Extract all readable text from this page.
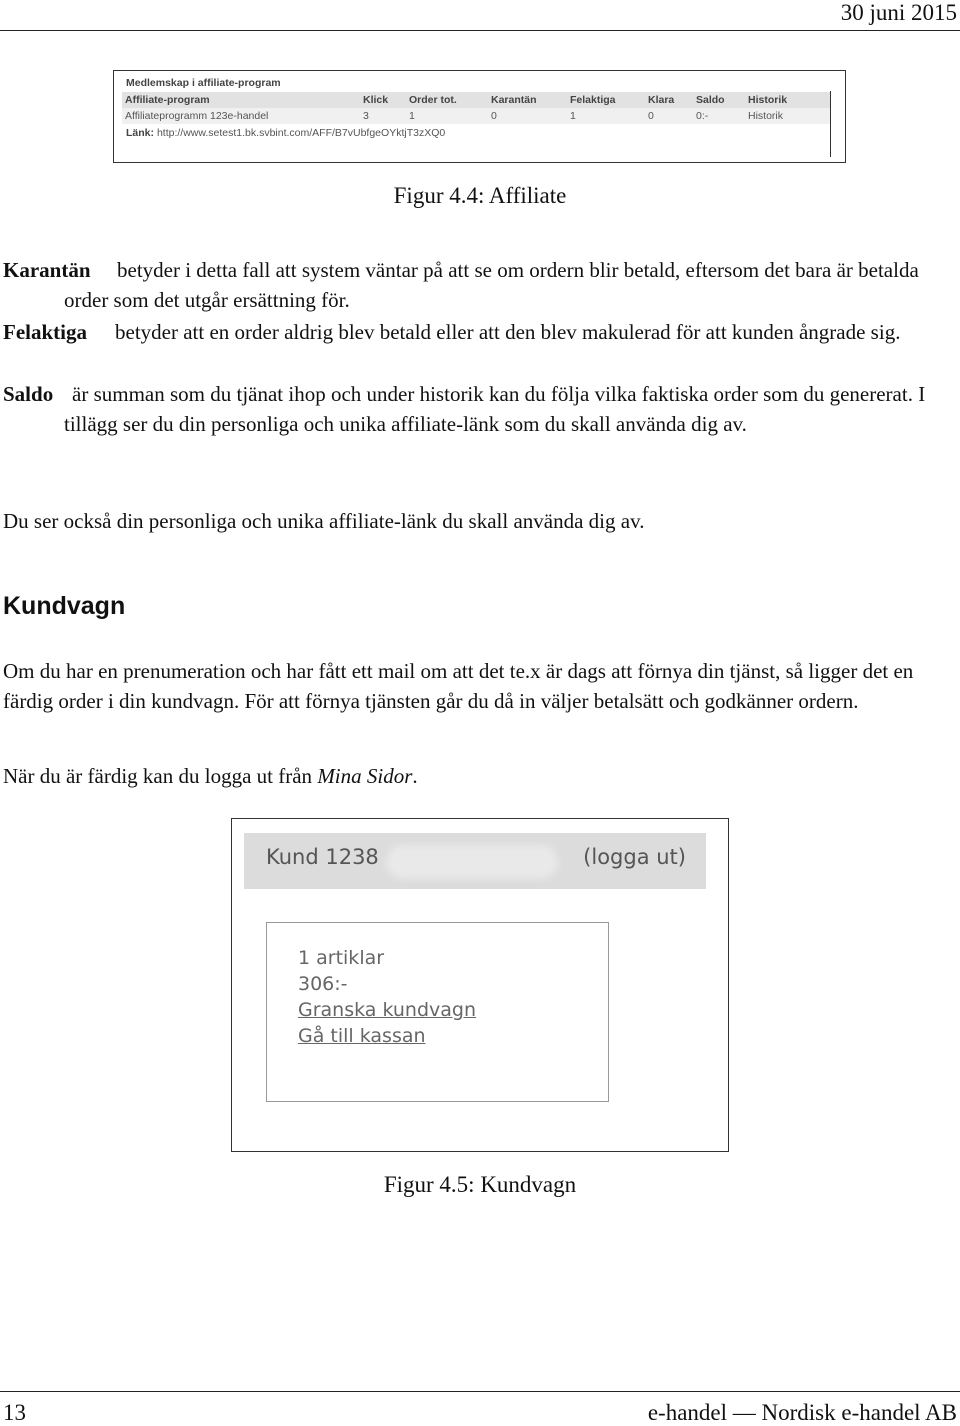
30 juni 2015
Medlemskap i affiliate-program
Affiliate-program	Klick	Order tot.	Karantän	Felaktiga	Klara	Saldo	Historik
Affiliateprogramm 123e-handel	3	1	0	1	0	0:-	Historik
Länk: http://www.setest1.bk.svbint.com/AFF/B7vUbfgeOYktjT3zXQ0
Figur 4.4: Affiliate
Karantän	betyder i detta fall att system väntar på att se om ordern blir betald, eftersom det bara är betalda order som det utgår ersättning för.
Felaktiga	betyder att en order aldrig blev betald eller att den blev makulerad för att kunden ångrade sig.
Saldo är summan som du tjänat ihop och under historik kan du följa vilka faktiska order som du genererat. I tillägg ser du din personliga och unika affiliate-länk som du skall använda dig av.
Du ser också din personliga och unika affiliate-länk du skall använda dig av.
Kundvagn
Om du har en prenumeration och har fått ett mail om att det te.x är dags att förnya din tjänst, så ligger det en färdig order i din kundvagn. För att förnya tjänsten går du då in väljer betalsätt och godkänner ordern.
När du är färdig kan du logga ut från Mina Sidor.
Kund 1238	(logga ut)
1 artiklar
306:-
Granska kundvagn
Gå till kassan
Figur 4.5: Kundvagn
13	e-handel — Nordisk e-handel AB
